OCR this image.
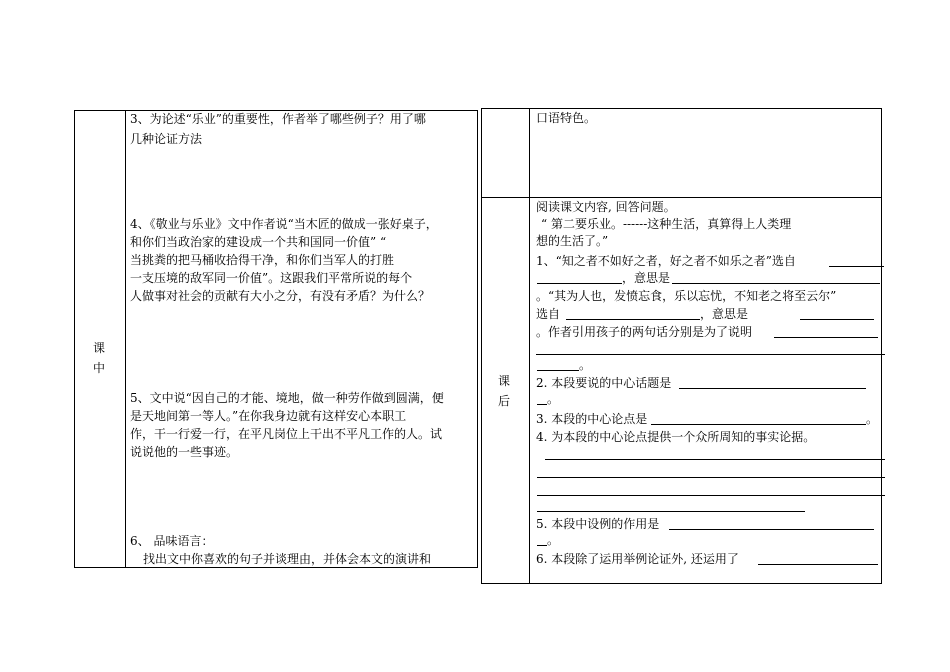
课中
3、为论述“乐业”的重要性，作者举了哪些例子？用了哪
几种论证方法
4、《敬业与乐业》文中作者说“当木匠的做成一张好桌子，
和你们当政治家的建设成一个共和国同一价值” “
当挑粪的把马桶收拾得干净，和你们当军人的打胜
一支压境的敌军同一价值”。这跟我们平常所说的每个
人做事对社会的贡献有大小之分，有没有矛盾？为什么？
5、文中说“因自己的才能、境地，做一种劳作做到圆满，便
是天地间第一等人。”在你我身边就有这样安心本职工
作，干一行爱一行，在平凡岗位上干出不平凡工作的人。试
说说他的一些事迹。
6、 品味语言：
找出文中你喜欢的句子并谈理由，并体会本文的演讲和
口语特色。
课后
阅读课文内容, 回答问题。
“ 第二要乐业。------这种生活，真算得上人类理
想的生活了。”
1、“知之者不如好之者，好之者不如乐之者”选自
，意思是
。“其为人也，发愤忘食，乐以忘忧，不知老之将至云尔”
选自	，意思是
。作者引用孩子的两句话分别是为了说明
。
2. 本段要说的中心话题是
。
3. 本段的中心论点是	。
4. 为本段的中心论点提供一个众所周知的事实论据。
5. 本段中设例的作用是
。
6. 本段除了运用举例论证外, 还运用了
